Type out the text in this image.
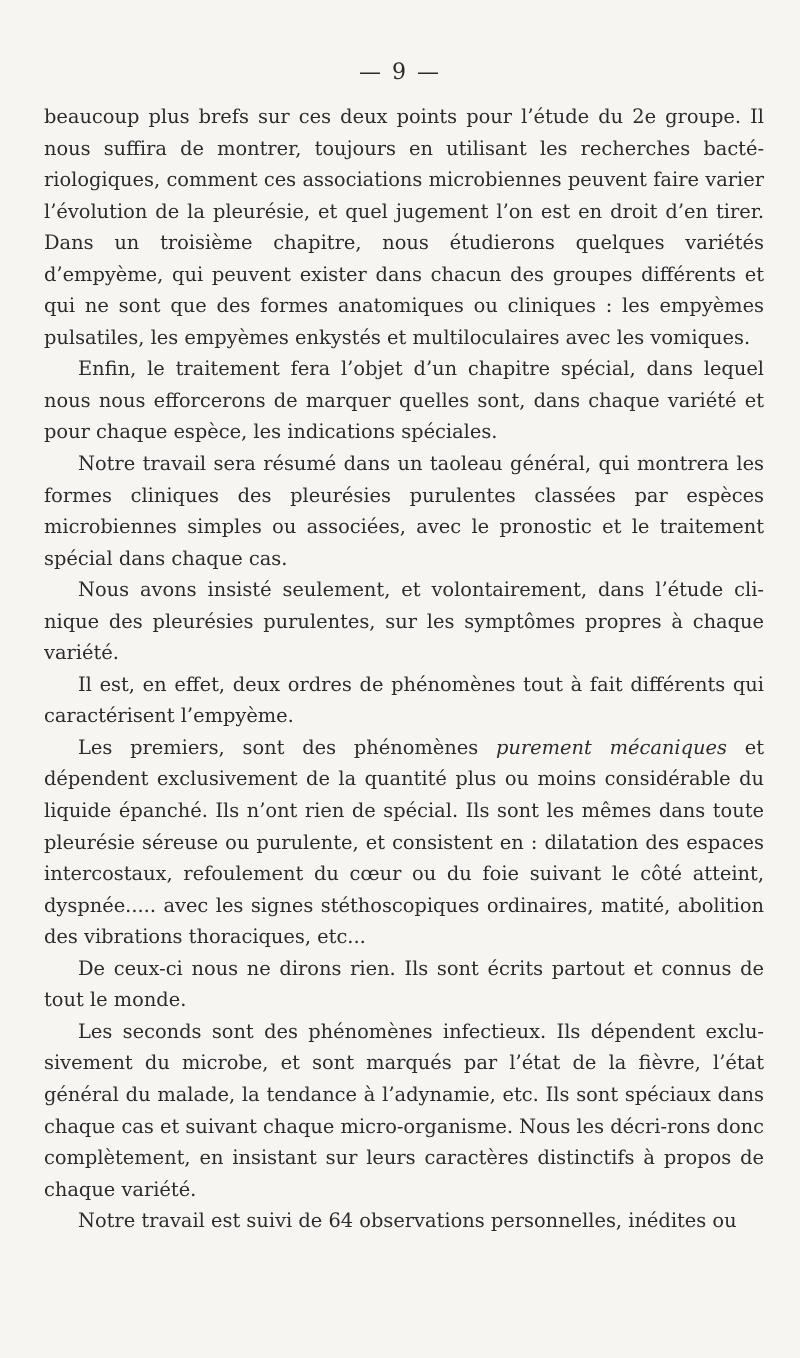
— 9 —

beaucoup plus brefs sur ces deux points pour l’étude du 2e groupe. Il nous suffira de montrer, toujours en utilisant les recherches bacté-riologiques, comment ces associations microbiennes peuvent faire varier l’évolution de la pleurésie, et quel jugement l’on est en droit d’en tirer. Dans un troisième chapitre, nous étudierons quelques variétés d’empyème, qui peuvent exister dans chacun des groupes différents et qui ne sont que des formes anatomiques ou cliniques : les empyèmes pulsatiles, les empyèmes enkystés et multiloculaires avec les vomiques.

Enfin, le traitement fera l’objet d’un chapitre spécial, dans lequel nous nous efforcerons de marquer quelles sont, dans chaque variété et pour chaque espèce, les indications spéciales.

Notre travail sera résumé dans un taoleau général, qui montrera les formes cliniques des pleurésies purulentes classées par espèces microbiennes simples ou associées, avec le pronostic et le traitement spécial dans chaque cas.

Nous avons insisté seulement, et volontairement, dans l’étude cli-nique des pleurésies purulentes, sur les symptômes propres à chaque variété.

Il est, en effet, deux ordres de phénomènes tout à fait différents qui caractérisent l’empyème.

Les premiers, sont des phénomènes purement mécaniques et dépendent exclusivement de la quantité plus ou moins considérable du liquide épanché. Ils n’ont rien de spécial. Ils sont les mêmes dans toute pleurésie séreuse ou purulente, et consistent en : dilatation des espaces intercostaux, refoulement du cœur ou du foie suivant le côté atteint, dyspnée..... avec les signes stéthoscopiques ordinaires, matité, abolition des vibrations thoraciques, etc...

De ceux-ci nous ne dirons rien. Ils sont écrits partout et connus de tout le monde.

Les seconds sont des phénomènes infectieux. Ils dépendent exclu-sivement du microbe, et sont marqués par l’état de la fièvre, l’état général du malade, la tendance à l’adynamie, etc. Ils sont spéciaux dans chaque cas et suivant chaque micro-organisme. Nous les décri-rons donc complètement, en insistant sur leurs caractères distinctifs à propos de chaque variété.

Notre travail est suivi de 64 observations personnelles, inédites ou
